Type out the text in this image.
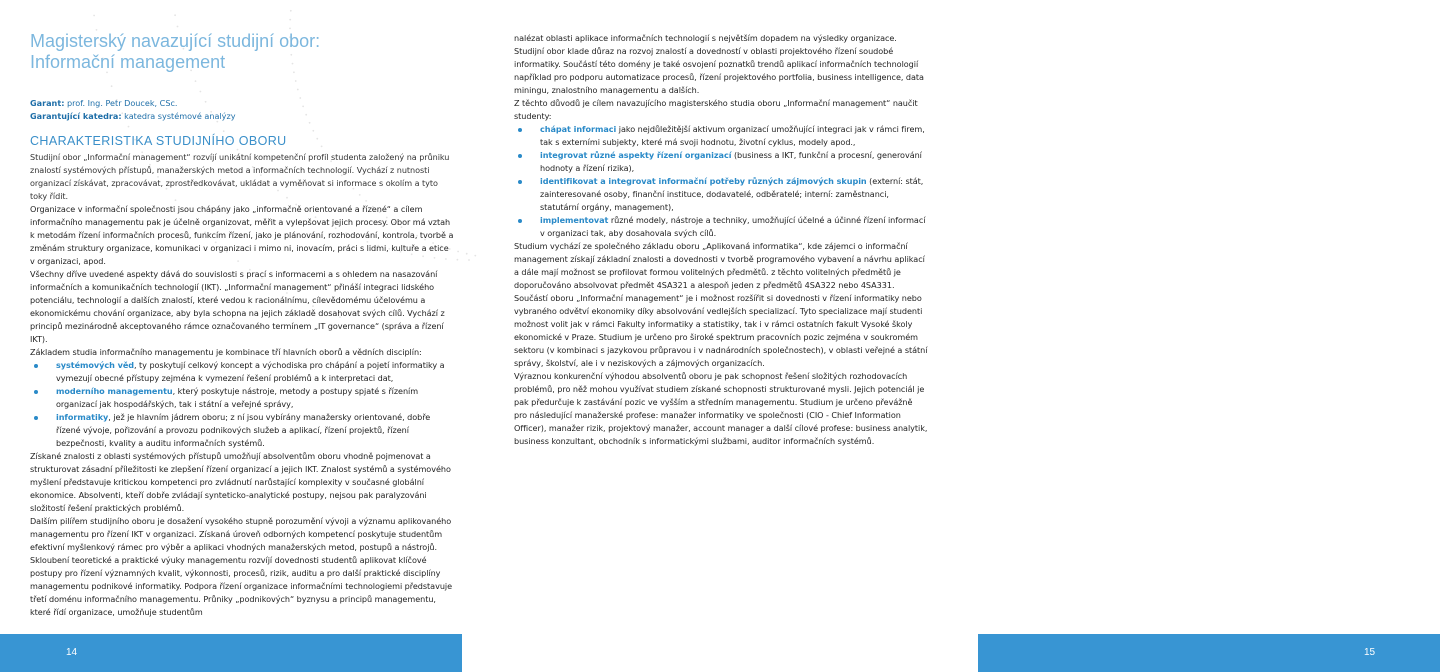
Magisterský navazující studijní obor:
Informační management
Garant: prof. Ing. Petr Doucek, CSc.
Garantující katedra: katedra systémové analýzy
CHARAKTERISTIKA STUDIJNÍHO OBORU

Studijní obor „Informační management“ rozvíjí unikátní kompetenční profil studenta založený na průniku znalostí systémových přístupů, manažerských metod a informačních technologií. Vychází z nutnosti organizací získávat, zpracovávat, zprostředkovávat, ukládat a vyměňovat si informace s okolím a tyto toky řídit.

Organizace v informační společnosti jsou chápány jako „informačně orientované a řízené“ a cílem informačního managementu pak je účelně organizovat, měřit a vylepšovat jejich procesy. Obor má vztah k metodám řízení informačních procesů, funkcím řízení, jako je plánování, rozhodování, kontrola, tvorbě a změnám struktury organizace, komunikaci v organizaci i mimo ni, inovacím, práci s lidmi, kultuře a etice v organizaci, apod.

Všechny dříve uvedené aspekty dává do souvislosti s prací s informacemi a s ohledem na nasazování informačních a komunikačních technologií (IKT). „Informační management“ přináší integraci lidského potenciálu, technologií a dalších znalostí, které vedou k racionálnímu, cílevědomému účelovému a ekonomickému chování organizace, aby byla schopna na jejich základě dosahovat svých cílů. Vychází z principů mezinárodně akceptovaného rámce označovaného termínem „IT governance“ (správa a řízení IKT).

Základem studia informačního managementu je kombinace tří hlavních oborů a vědních disciplín:

systémových věd, ty poskytují celkový koncept a východiska pro chápání a pojetí informatiky a vymezují obecné přístupy zejména k vymezení řešení problémů a k interpretaci dat,
moderního managementu, který poskytuje nástroje, metody a postupy spjaté s řízením organizací jak hospodářských, tak i státní a veřejné správy,
informatiky, jež je hlavním jádrem oboru; z ní jsou vybírány manažersky orientované, dobře řízené vývoje, pořizování a provozu podnikových služeb a aplikací, řízení projektů, řízení bezpečnosti, kvality a auditu informačních systémů.

Získané znalosti z oblasti systémových přístupů umožňují absolventům oboru vhodně pojmenovat a strukturovat zásadní příležitosti ke zlepšení řízení organizací a jejich IKT. Znalost systémů a systémového myšlení představuje kritickou kompetenci pro zvládnutí narůstající komplexity v současné globální ekonomice. Absolventi, kteří dobře zvládají synteticko-analytické postupy, nejsou pak paralyzováni složitostí řešení praktických problémů.

Dalším pilířem studijního oboru je dosažení vysokého stupně porozumění vývoji a významu aplikovaného managementu pro řízení IKT v organizaci. Získaná úroveň odborných kompetencí poskytuje studentům efektivní myšlenkový rámec pro výběr a aplikaci vhodných manažerských metod, postupů a nástrojů. Skloubení teoretické a praktické výuky managementu rozvíjí dovednosti studentů aplikovat klíčové postupy pro řízení významných kvalit, výkonnosti, procesů, rizik, auditu a pro další praktické disciplíny managementu podnikové informatiky. Podpora řízení organizace informačními technologiemi představuje třetí doménu informačního managementu. Průniky „podnikových“ byznysu a principů managementu, které řídí organizace, umožňuje studentům

14

nalézat oblasti aplikace informačních technologií s největším dopadem na výsledky organizace. Studijní obor klade důraz na rozvoj znalostí a dovedností v oblasti projektového řízení soudobé informatiky. Součástí této domény je také osvojení poznatků trendů aplikací informačních technologií například pro podporu automatizace procesů, řízení projektového portfolia, business intelligence, data miningu, znalostního managementu a dalších.

Z těchto důvodů je cílem navazujícího magisterského studia oboru „Informační management“ naučit studenty:

chápat informaci jako nejdůležitější aktivum organizací umožňující integraci jak v rámci firem, tak s externími subjekty, které má svoji hodnotu, životní cyklus, modely apod.,
integrovat různé aspekty řízení organizací (business a IKT, funkční a procesní, generování hodnoty a řízení rizika),
identifikovat a integrovat informační potřeby různých zájmových skupin (externí: stát, zainteresované osoby, finanční instituce, dodavatelé, odběratelé; interní: zaměstnanci, statutární orgány, management),
implementovat různé modely, nástroje a techniky, umožňující účelné a účinné řízení informací v organizaci tak, aby dosahovala svých cílů.

Studium vychází ze společného základu oboru „Aplikovaná informatika“, kde zájemci o informační management získají základní znalosti a dovednosti v tvorbě programového vybavení a návrhu aplikací a dále mají možnost se profilovat formou volitelných předmětů. z těchto volitelných předmětů je doporučováno absolvovat předmět 4SA321 a alespoň jeden z předmětů 4SA322 nebo 4SA331.

Součástí oboru „Informační management“ je i možnost rozšířit si dovednosti v řízení informatiky nebo vybraného odvětví ekonomiky díky absolvování vedlejších specializací. Tyto specializace mají studenti možnost volit jak v rámci Fakulty informatiky a statistiky, tak i v rámci ostatních fakult Vysoké školy ekonomické v Praze. Studium je určeno pro široké spektrum pracovních pozic zejména v soukromém sektoru (v kombinaci s jazykovou průpravou i v nadnárodních společnostech), v oblasti veřejné a státní správy, školství, ale i v neziskových a zájmových organizacích.

Výraznou konkurenční výhodou absolventů oboru je pak schopnost řešení složitých rozhodovacích problémů, pro něž mohou využívat studiem získané schopnosti strukturované mysli. Jejich potenciál je pak předurčuje k zastávání pozic ve vyšším a středním managementu. Studium je určeno převážně pro následující manažerské profese: manažer informatiky ve společnosti (CIO - Chief Information Officer), manažer rizik, projektový manažer, account manager a další cílové profese: business analytik, business konzultant, obchodník s informatickými službami, auditor informačních systémů.

15
